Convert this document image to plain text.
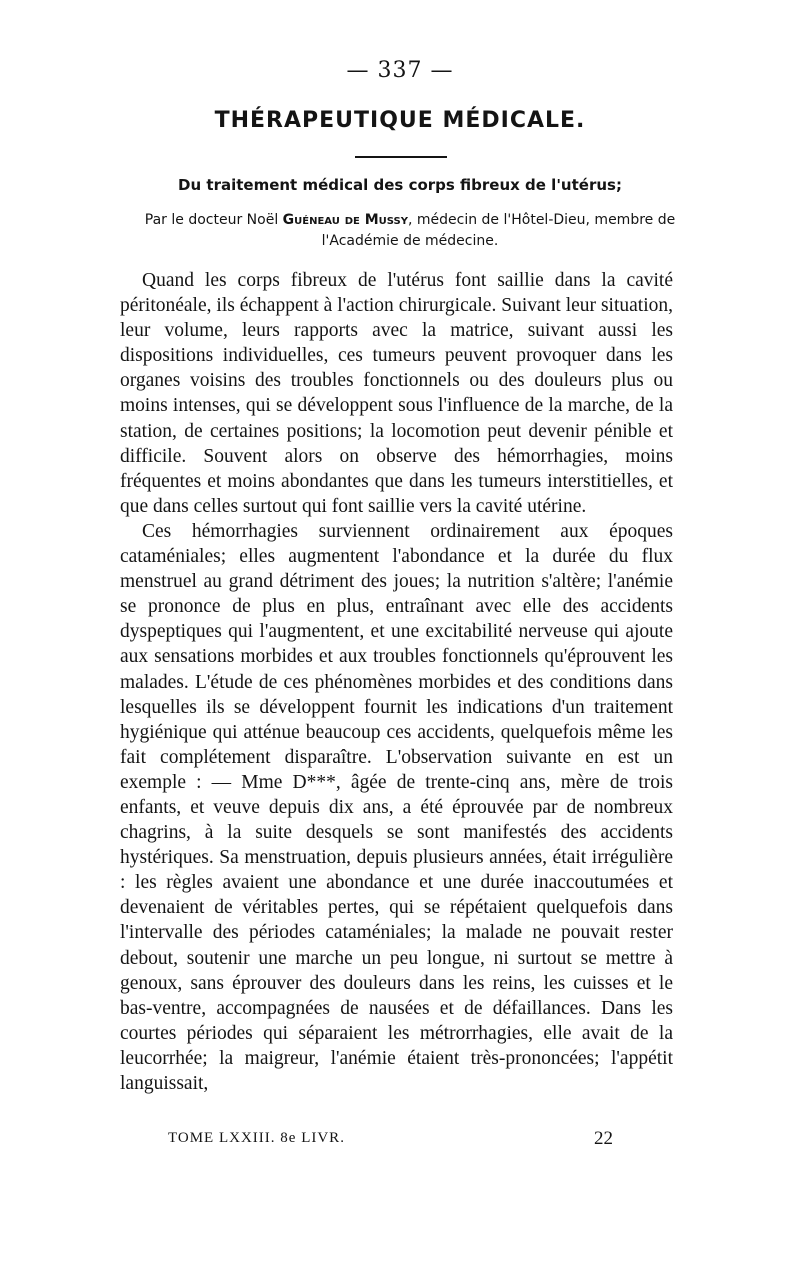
— 337 —
THÉRAPEUTIQUE MÉDICALE.
Du traitement médical des corps fibreux de l'utérus;
Par le docteur Noël Guéneau de Mussy, médecin de l'Hôtel-Dieu, membre de l'Académie de médecine.

Quand les corps fibreux de l'utérus font saillie dans la cavité péritonéale, ils échappent à l'action chirurgicale. Suivant leur situation, leur volume, leurs rapports avec la matrice, suivant aussi les dispositions individuelles, ces tumeurs peuvent provoquer dans les organes voisins des troubles fonctionnels ou des douleurs plus ou moins intenses, qui se développent sous l'influence de la marche, de la station, de certaines positions; la locomotion peut devenir pénible et difficile. Souvent alors on observe des hémorrhagies, moins fréquentes et moins abondantes que dans les tumeurs interstitielles, et que dans celles surtout qui font saillie vers la cavité utérine.

Ces hémorrhagies surviennent ordinairement aux époques cataméniales; elles augmentent l'abondance et la durée du flux menstruel au grand détriment des joues; la nutrition s'altère; l'anémie se prononce de plus en plus, entraînant avec elle des accidents dyspeptiques qui l'augmentent, et une excitabilité nerveuse qui ajoute aux sensations morbides et aux troubles fonctionnels qu'éprouvent les malades. L'étude de ces phénomènes morbides et des conditions dans lesquelles ils se développent fournit les indications d'un traitement hygiénique qui atténue beaucoup ces accidents, quelquefois même les fait complétement disparaître. L'observation suivante en est un exemple : — Mme D***, âgée de trente-cinq ans, mère de trois enfants, et veuve depuis dix ans, a été éprouvée par de nombreux chagrins, à la suite desquels se sont manifestés des accidents hystériques. Sa menstruation, depuis plusieurs années, était irrégulière : les règles avaient une abondance et une durée inaccoutumées et devenaient de véritables pertes, qui se répétaient quelquefois dans l'intervalle des périodes cataméniales; la malade ne pouvait rester debout, soutenir une marche un peu longue, ni surtout se mettre à genoux, sans éprouver des douleurs dans les reins, les cuisses et le bas-ventre, accompagnées de nausées et de défaillances. Dans les courtes périodes qui séparaient les métrorrhagies, elle avait de la leucorrhée; la maigreur, l'anémie étaient très-prononcées; l'appétit languissait,

TOME LXXIII. 8e LIVR.	22
